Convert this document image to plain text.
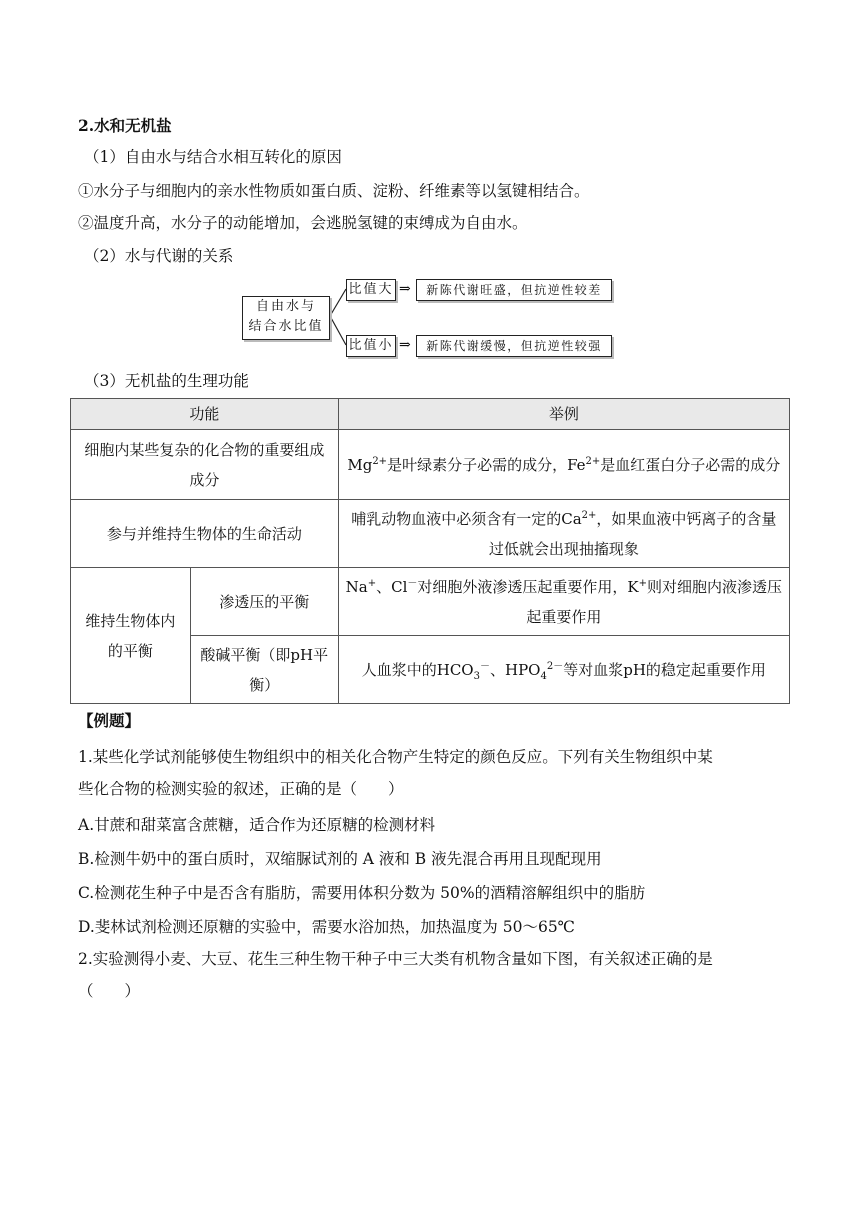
2.水和无机盐
（1）自由水与结合水相互转化的原因
①水分子与细胞内的亲水性物质如蛋白质、淀粉、纤维素等以氢键相结合。
②温度升高，水分子的动能增加，会逃脱氢键的束缚成为自由水。
（2）水与代谢的关系
自由水与
结合水比值
比值大 ⇒	新陈代谢旺盛，但抗逆性较差
比值小 ⇒	新陈代谢缓慢，但抗逆性较强
（3）无机盐的生理功能
功能		举例
细胞内某些复杂的化合物的重要组成成分		$Mg^{2+}$是叶绿素分子必需的成分，$Fe^{2+}$是血红蛋白分子必需的成分
参与并维持生物体的生命活动		哺乳动物血液中必须含有一定的$Ca^{2+}$，如果血液中钙离子的含量过低就会出现抽搐现象
维持生物体内的平衡	渗透压的平衡	Na+、Cl－对细胞外液渗透压起重要作用，K+则对细胞内液渗透压起重要作用
	酸碱平衡（即pH平衡）	人血浆中的$HCO_3^-$、$HPO_4^{2-}$等对血浆pH的稳定起重要作用
【例题】
1.某些化学试剂能够使生物组织中的相关化合物产生特定的颜色反应。下列有关生物组织中某
些化合物的检测实验的叙述，正确的是（　　）
A.甘蔗和甜菜富含蔗糖，适合作为还原糖的检测材料
B.检测牛奶中的蛋白质时，双缩脲试剂的 A 液和 B 液先混合再用且现配现用
C.检测花生种子中是否含有脂肪，需要用体积分数为 50%的酒精溶解组织中的脂肪
D.斐林试剂检测还原糖的实验中，需要水浴加热，加热温度为 50～65℃
2.实验测得小麦、大豆、花生三种生物干种子中三大类有机物含量如下图，有关叙述正确的是
（　　）
